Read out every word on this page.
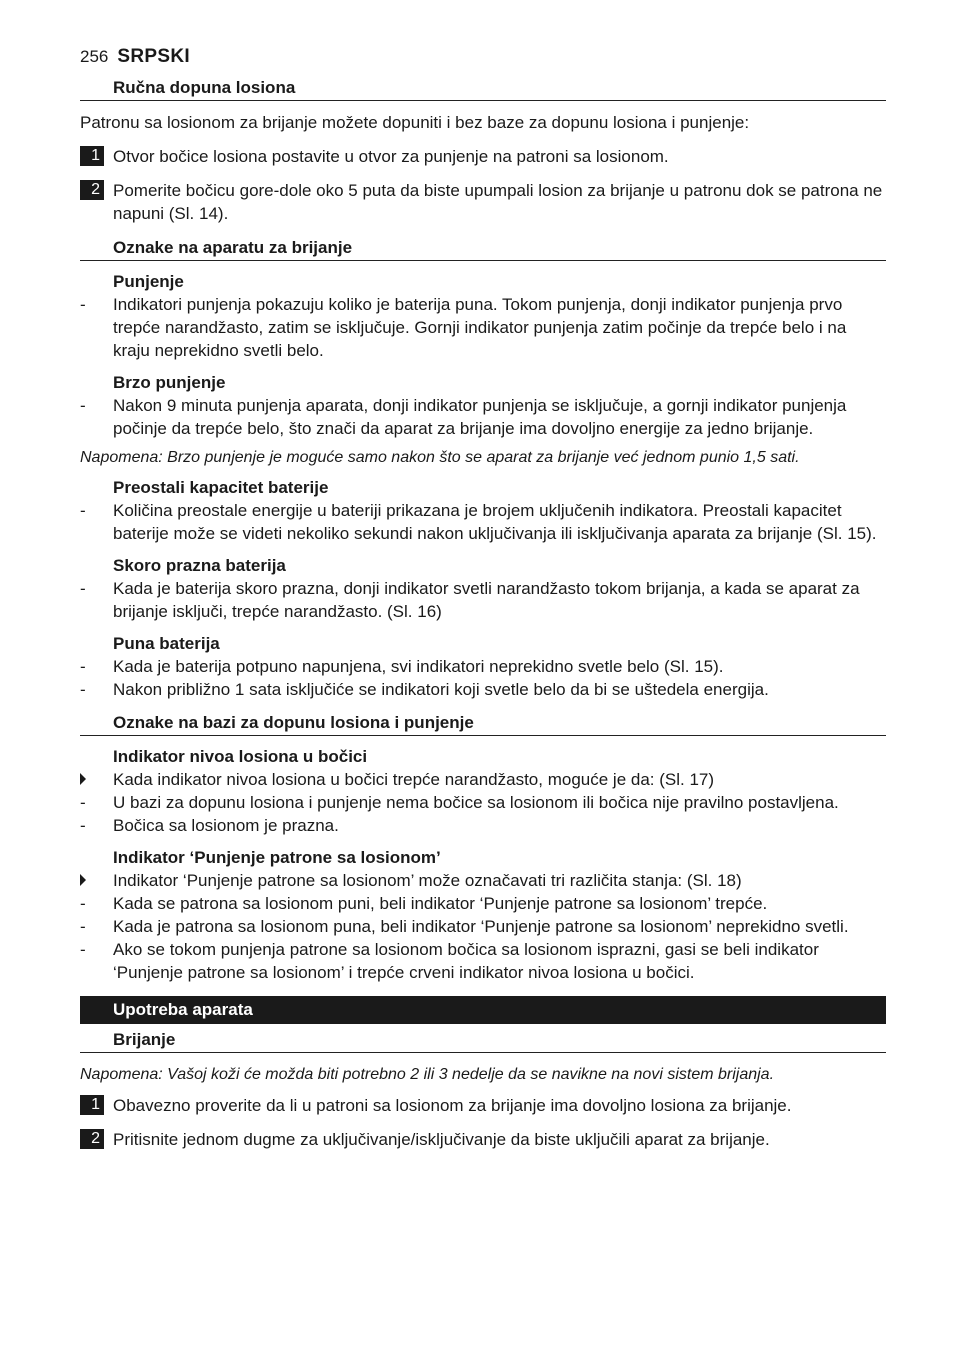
256 SRPSKI
Ručna dopuna losiona
Patronu sa losionom za brijanje možete dopuniti i bez baze za dopunu losiona i punjenje:
1 Otvor bočice losiona postavite u otvor za punjenje na patroni sa losionom.
2 Pomerite bočicu gore-dole oko 5 puta da biste upumpali losion za brijanje u patronu dok se patrona ne napuni (Sl. 14).
Oznake na aparatu za brijanje
Punjenje
-	Indikatori punjenja pokazuju koliko je baterija puna. Tokom punjenja, donji indikator punjenja prvo trepće narandžasto, zatim se isključuje. Gornji indikator punjenja zatim počinje da trepće belo i na kraju neprekidno svetli belo.
Brzo punjenje
-	Nakon 9 minuta punjenja aparata, donji indikator punjenja se isključuje, a gornji indikator punjenja počinje da trepće belo, što znači da aparat za brijanje ima dovoljno energije za jedno brijanje.
Napomena: Brzo punjenje je moguće samo nakon što se aparat za brijanje već jednom punio 1,5 sati.
Preostali kapacitet baterije
-	Količina preostale energije u bateriji prikazana je brojem uključenih indikatora. Preostali kapacitet baterije može se videti nekoliko sekundi nakon uključivanja ili isključivanja aparata za brijanje (Sl. 15).
Skoro prazna baterija
-	Kada je baterija skoro prazna, donji indikator svetli narandžasto tokom brijanja, a kada se aparat za brijanje isključi, trepće narandžasto. (Sl. 16)
Puna baterija
-	Kada je baterija potpuno napunjena, svi indikatori neprekidno svetle belo (Sl. 15).
-	Nakon približno 1 sata isključiće se indikatori koji svetle belo da bi se uštedela energija.
Oznake na bazi za dopunu losiona i punjenje
Indikator nivoa losiona u bočici
Kada indikator nivoa losiona u bočici trepće narandžasto, moguće je da: (Sl. 17)
-	U bazi za dopunu losiona i punjenje nema bočice sa losionom ili bočica nije pravilno postavljena.
-	Bočica sa losionom je prazna.
Indikator ‘Punjenje patrone sa losionom’
Indikator ‘Punjenje patrone sa losionom’ može označavati tri različita stanja: (Sl. 18)
-	Kada se patrona sa losionom puni, beli indikator ‘Punjenje patrone sa losionom’ trepće.
-	Kada je patrona sa losionom puna, beli indikator ‘Punjenje patrone sa losionom’ neprekidno svetli.
-	Ako se tokom punjenja patrone sa losionom bočica sa losionom isprazni, gasi se beli indikator ‘Punjenje patrone sa losionom’ i trepće crveni indikator nivoa losiona u bočici.
Upotreba aparata
Brijanje
Napomena: Vašoj koži će možda biti potrebno 2 ili 3 nedelje da se navikne na novi sistem brijanja.
1 Obavezno proverite da li u patroni sa losionom za brijanje ima dovoljno losiona za brijanje.
2 Pritisnite jednom dugme za uključivanje/isključivanje da biste uključili aparat za brijanje.
